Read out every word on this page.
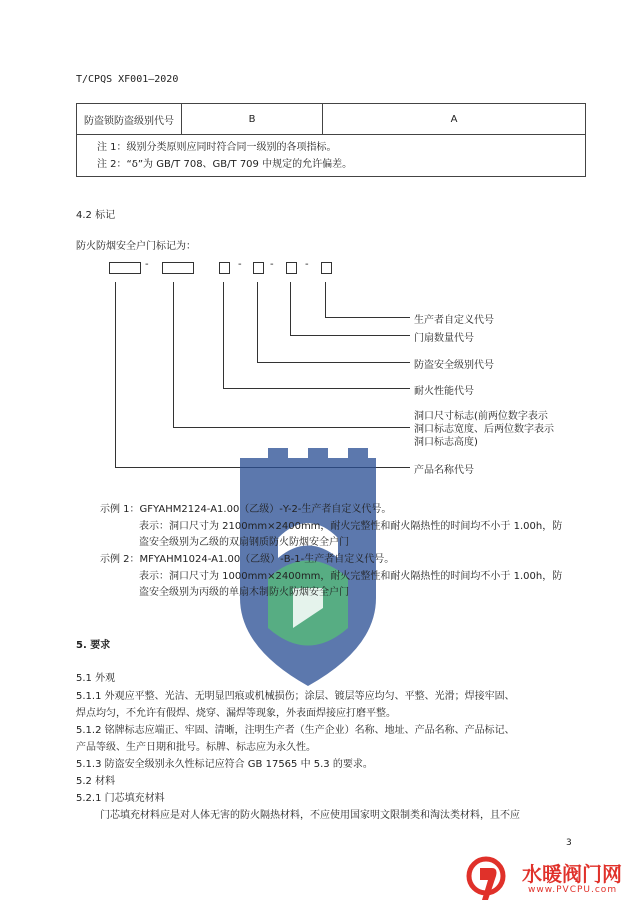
T/CPQS XF001—2020
防盗锁防盗级别代号	B	A
注 1：级别分类原则应同时符合同一级别的各项指标。
注 2：“δ”为 GB/T 708、GB/T 709 中规定的允许偏差。
4.2 标记
防火防烟安全户门标记为：
-	-	-	-
生产者自定义代号
门扇数量代号
防盗安全级别代号
耐火性能代号
洞口尺寸标志(前两位数字表示
洞口标志宽度、后两位数字表示
洞口标志高度)
产品名称代号
示例 1：GFYAHM2124-A1.00（乙级）-Y-2-生产者自定义代号。
表示：洞口尺寸为 2100mm×2400mm，耐火完整性和耐火隔热性的时间均不小于 1.00h，防
盗安全级别为乙级的双扇钢质防火防烟安全户门
示例 2：MFYAHM1024-A1.00（乙级）-B-1-生产者自定义代号。
表示：洞口尺寸为 1000mm×2400mm，耐火完整性和耐火隔热性的时间均不小于 1.00h，防
盗安全级别为丙级的单扇木制防火防烟安全户门
5. 要求
5.1 外观
5.1.1 外观应平整、光洁、无明显凹痕或机械损伤；涂层、镀层等应均匀、平整、光滑；焊接牢固、
焊点均匀，不允许有假焊、烧穿、漏焊等现象，外表面焊接应打磨平整。
5.1.2 铭牌标志应端正、牢固、清晰，注明生产者（生产企业）名称、地址、产品名称、产品标记、
产品等级、生产日期和批号。标牌、标志应为永久性。
5.1.3 防盗安全级别永久性标记应符合 GB 17565 中 5.3 的要求。
5.2 材料
5.2.1 门芯填充材料
门芯填充材料应是对人体无害的防火隔热材料，不应使用国家明文限制类和淘汰类材料，且不应
3
水暖阀门网
www.PVCPU.com
